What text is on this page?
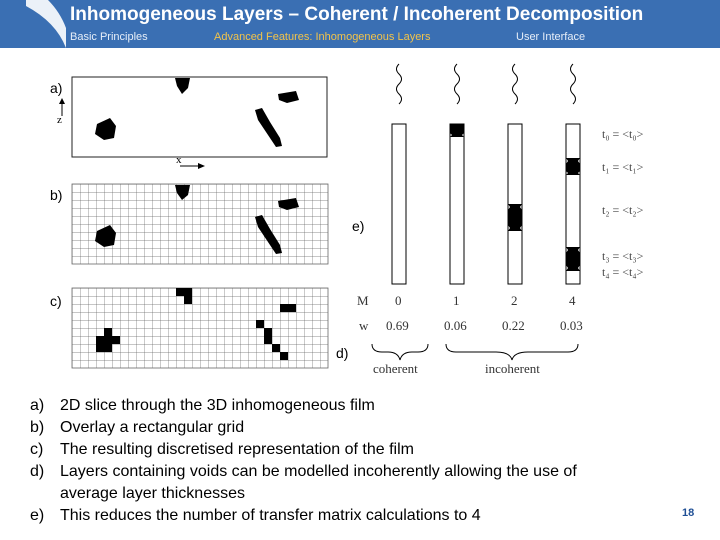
Inhomogeneous Layers – Coherent / Incoherent Decomposition
Basic Principles	Advanced Features: Inhomogeneous Layers	User Interface
a)
b)
c)
d)
e)
z
x
t₀ = <t₀>
t₁ = <t₁>
t₂ = <t₂>
t₃ = <t₃>
t₄ = <t₄>
M
w
0	1	2	4
0.69	0.06	0.22	0.03
coherent	incoherent
a) 2D slice through the 3D inhomogeneous film
b) Overlay a rectangular grid
c)	The resulting discretised representation of the film
d) Layers containing voids can be modelled incoherently allowing the use of
average layer thicknesses
e) This reduces the number of transfer matrix calculations to 4	18
